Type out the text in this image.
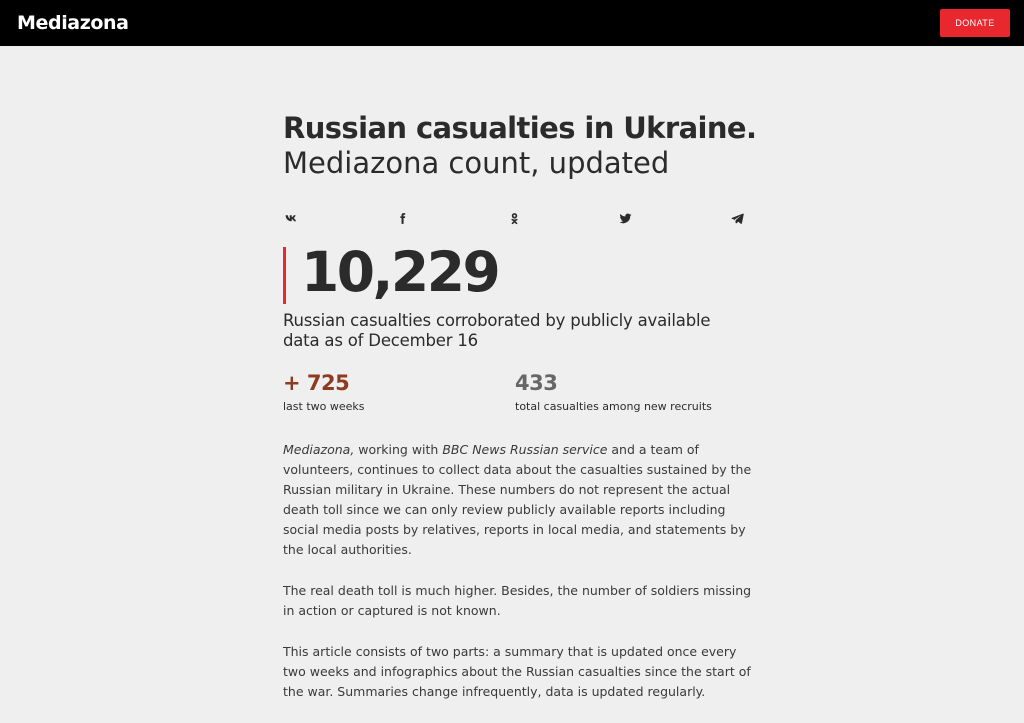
Mediazona	DONATE
Russian casualties in Ukraine.
Mediazona count, updated
10,229
Russian casualties corroborated by publicly available data as of December 16
+ 725
last two weeks
433
total casualties among new recruits

Mediazona, working with BBC News Russian service and a team of volunteers, continues to collect data about the casualties sustained by the Russian military in Ukraine. These numbers do not represent the actual death toll since we can only review publicly available reports including social media posts by relatives, reports in local media, and statements by the local authorities.

The real death toll is much higher. Besides, the number of soldiers missing in action or captured is not known.

This article consists of two parts: a summary that is updated once every two weeks and infographics about the Russian casualties since the start of the war. Summaries change infrequently, data is updated regularly.
